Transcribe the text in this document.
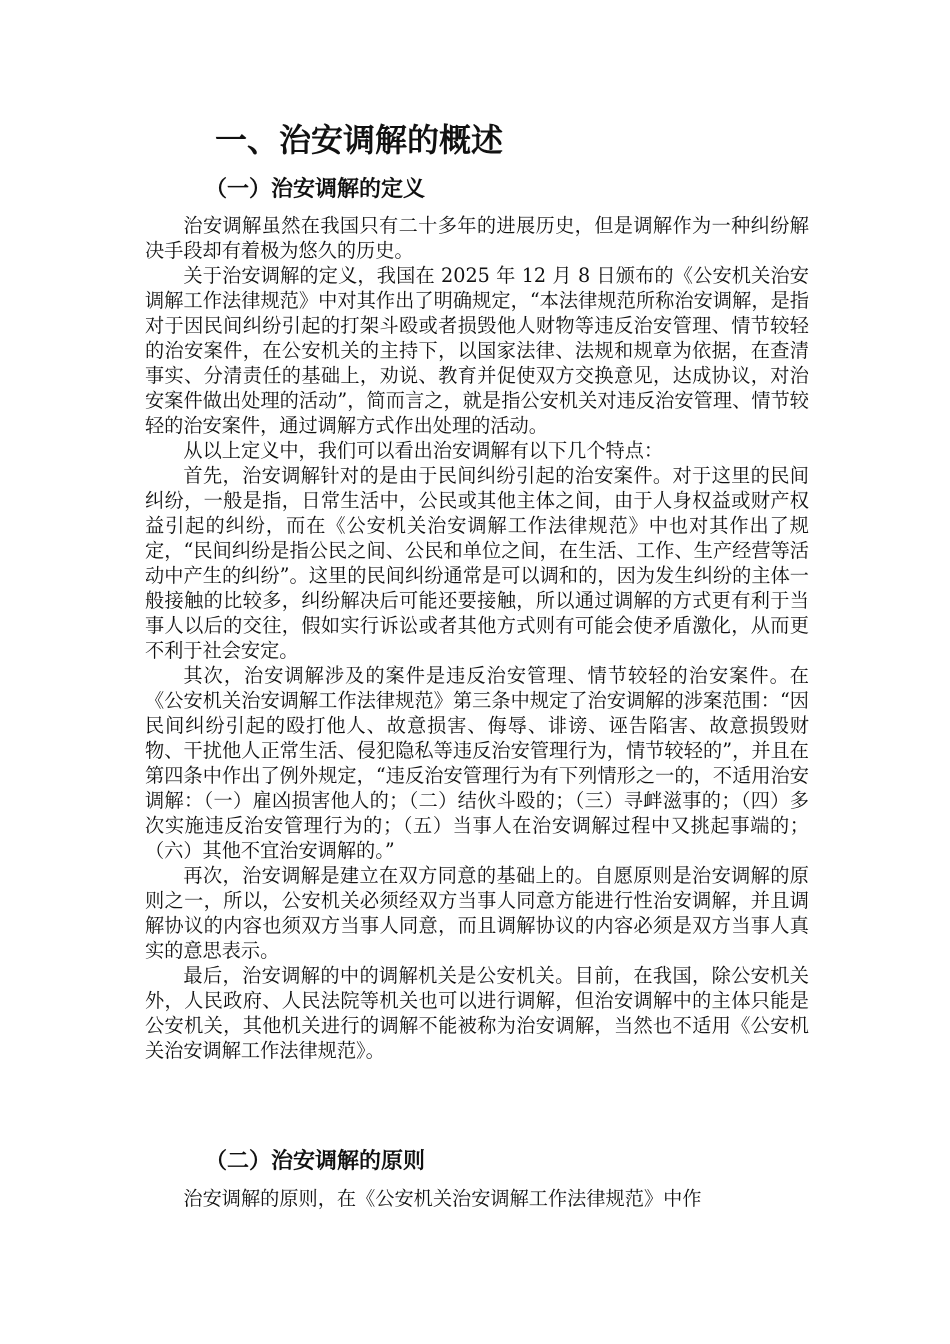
一、治安调解的概述
（一）治安调解的定义

治安调解虽然在我国只有二十多年的进展历史，但是调解作为一种纠纷解决手段却有着极为悠久的历史。

关于治安调解的定义，我国在 2025 年 12 月 8 日颁布的《公安机关治安调解工作法律规范》中对其作出了明确规定，“本法律规范所称治安调解，是指对于因民间纠纷引起的打架斗殴或者损毁他人财物等违反治安管理、情节较轻的治安案件，在公安机关的主持下，以国家法律、法规和规章为依据，在查清事实、分清责任的基础上，劝说、教育并促使双方交换意见，达成协议，对治安案件做出处理的活动”，简而言之，就是指公安机关对违反治安管理、情节较轻的治安案件，通过调解方式作出处理的活动。

从以上定义中，我们可以看出治安调解有以下几个特点：

首先，治安调解针对的是由于民间纠纷引起的治安案件。对于这里的民间纠纷，一般是指，日常生活中，公民或其他主体之间，由于人身权益或财产权益引起的纠纷，而在《公安机关治安调解工作法律规范》中也对其作出了规定，“民间纠纷是指公民之间、公民和单位之间，在生活、工作、生产经营等活动中产生的纠纷”。这里的民间纠纷通常是可以调和的，因为发生纠纷的主体一般接触的比较多，纠纷解决后可能还要接触，所以通过调解的方式更有利于当事人以后的交往，假如实行诉讼或者其他方式则有可能会使矛盾激化，从而更不利于社会安定。

其次，治安调解涉及的案件是违反治安管理、情节较轻的治安案件。在《公安机关治安调解工作法律规范》第三条中规定了治安调解的涉案范围：“因民间纠纷引起的殴打他人、故意损害、侮辱、诽谤、诬告陷害、故意损毁财物、干扰他人正常生活、侵犯隐私等违反治安管理行为，情节较轻的”，并且在第四条中作出了例外规定，“违反治安管理行为有下列情形之一的，不适用治安调解：（一）雇凶损害他人的；（二）结伙斗殴的；（三）寻衅滋事的；（四）多次实施违反治安管理行为的；（五）当事人在治安调解过程中又挑起事端的；（六）其他不宜治安调解的。”

再次，治安调解是建立在双方同意的基础上的。自愿原则是治安调解的原则之一，所以，公安机关必须经双方当事人同意方能进行性治安调解，并且调解协议的内容也须双方当事人同意，而且调解协议的内容必须是双方当事人真实的意思表示。

最后，治安调解的中的调解机关是公安机关。目前，在我国，除公安机关外，人民政府、人民法院等机关也可以进行调解，但治安调解中的主体只能是公安机关，其他机关进行的调解不能被称为治安调解，当然也不适用《公安机关治安调解工作法律规范》。

（二）治安调解的原则

治安调解的原则，在《公安机关治安调解工作法律规范》中作
